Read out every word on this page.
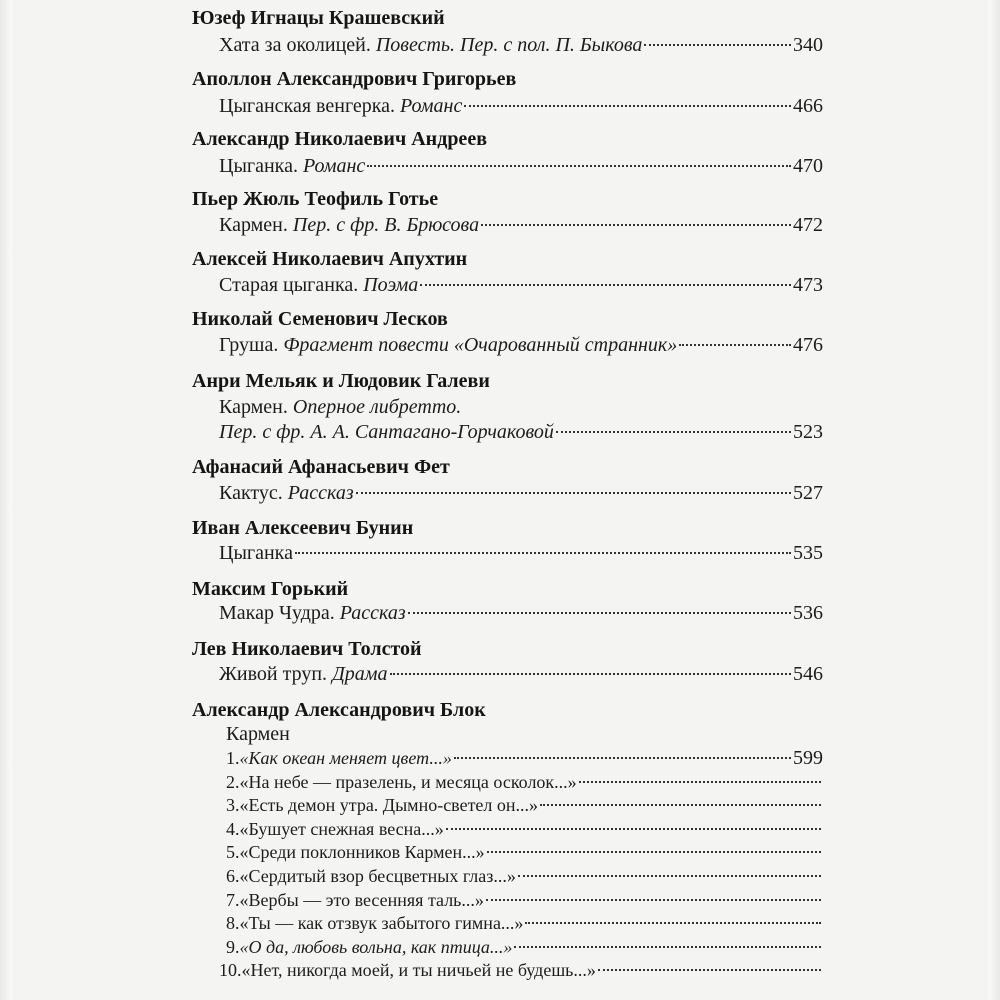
Юзеф Игнацы Крашевский
Хата за околицей. Повесть. Пер. с пол. П. Быкова	340
Аполлон Александрович Григорьев
Цыганская венгерка. Романс	466
Александр Николаевич Андреев
Цыганка. Романс	470
Пьер Жюль Теофиль Готье
Кармен. Пер. с фр. В. Брюсова	472
Алексей Николаевич Апухтин
Старая цыганка. Поэма	473
Николай Семенович Лесков
Груша. Фрагмент повести «Очарованный странник»	476
Анри Мельяк и Людовик Галеви
Кармен. Оперное либретто.
Пер. с фр. А. А. Сантагано-Горчаковой	523
Афанасий Афанасьевич Фет
Кактус. Рассказ	527
Иван Алексеевич Бунин
Цыганка	535
Максим Горький
Макар Чудра. Рассказ	536
Лев Николаевич Толстой
Живой труп. Драма	546
Александр Александрович Блок
Кармен
1. «Как океан меняет цвет...»	599
2. «На небе — празелень, и месяца осколок...»
3. «Есть демон утра. Дымно-светел он...»
4. «Бушует снежная весна...»
5. «Среди поклонников Кармен...»
6. «Сердитый взор бесцветных глаз...»
7. «Вербы — это весенняя таль...»
8. «Ты — как отзвук забытого гимна...»
9. «О да, любовь вольна, как птица...»
10. «Нет, никогда моей, и ты ничьей не будешь...»
